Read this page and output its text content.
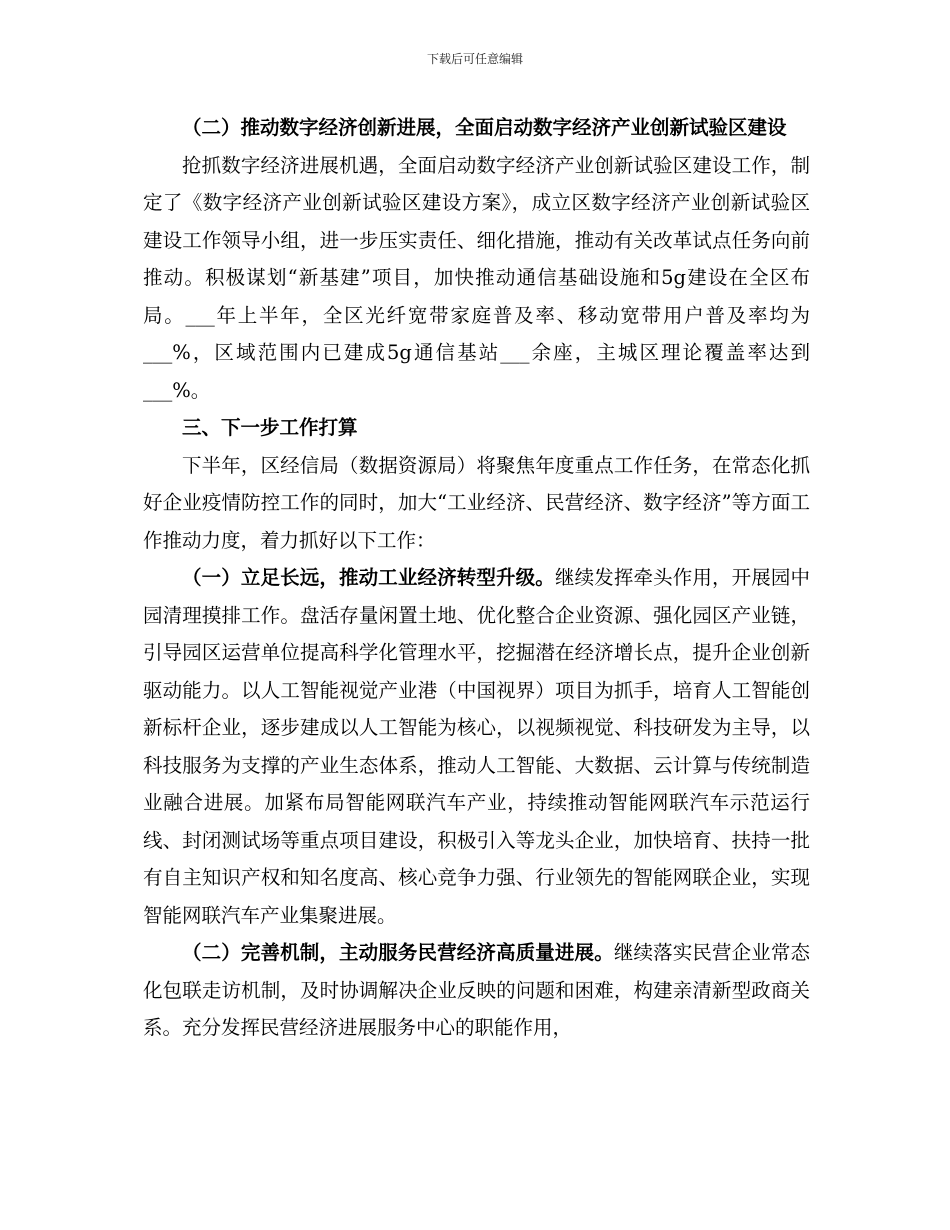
下载后可任意编辑

（二）推动数字经济创新进展，全面启动数字经济产业创新试验区建设

抢抓数字经济进展机遇，全面启动数字经济产业创新试验区建设工作，制定了《数字经济产业创新试验区建设方案》，成立区数字经济产业创新试验区建设工作领导小组，进一步压实责任、细化措施，推动有关改革试点任务向前推动。积极谋划“新基建”项目，加快推动通信基础设施和5g建设在全区布局。___年上半年，全区光纤宽带家庭普及率、移动宽带用户普及率均为___%，区域范围内已建成5g通信基站___余座，主城区理论覆盖率达到___%。

三、下一步工作打算

下半年，区经信局（数据资源局）将聚焦年度重点工作任务，在常态化抓好企业疫情防控工作的同时，加大“工业经济、民营经济、数字经济”等方面工作推动力度，着力抓好以下工作：

（一）立足长远，推动工业经济转型升级。继续发挥牵头作用，开展园中园清理摸排工作。盘活存量闲置土地、优化整合企业资源、强化园区产业链，引导园区运营单位提高科学化管理水平，挖掘潜在经济增长点，提升企业创新驱动能力。以人工智能视觉产业港（中国视界）项目为抓手，培育人工智能创新标杆企业，逐步建成以人工智能为核心，以视频视觉、科技研发为主导，以科技服务为支撑的产业生态体系，推动人工智能、大数据、云计算与传统制造业融合进展。加紧布局智能网联汽车产业，持续推动智能网联汽车示范运行线、封闭测试场等重点项目建设，积极引入等龙头企业，加快培育、扶持一批有自主知识产权和知名度高、核心竞争力强、行业领先的智能网联企业，实现智能网联汽车产业集聚进展。

（二）完善机制，主动服务民营经济高质量进展。继续落实民营企业常态化包联走访机制，及时协调解决企业反映的问题和困难，构建亲清新型政商关系。充分发挥民营经济进展服务中心的职能作用，
